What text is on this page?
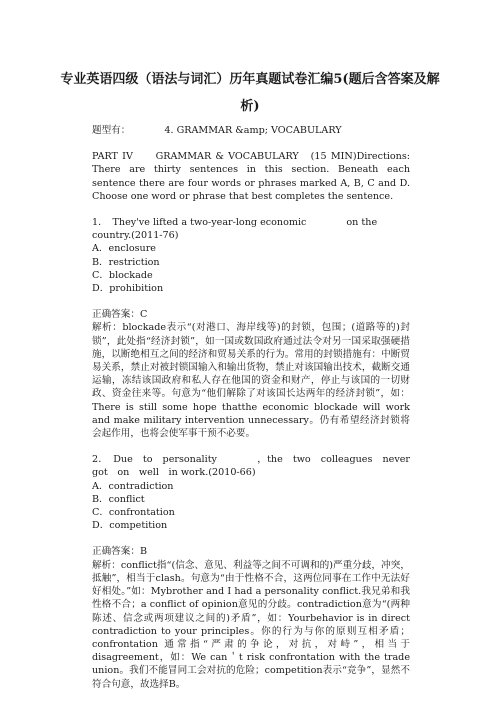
专业英语四级（语法与词汇）历年真题试卷汇编5(题后含答案及解
析)

题型有：	4. GRAMMAR &amp; VOCABULARY

PART IV　　GRAMMAR & VOCABULARY　(15 MIN)Directions: There are thirty sentences in this section. Beneath each sentence there are four words or phrases marked A, B, C and D. Choose one word or phrase that best completes the sentence.

1．　They've lifted a two-year-long economic	on the country.(2011-76)

A．enclosure

B．restriction

C．blockade

D．prohibition

正确答案：C

解析：blockade表示“(对港口、海岸线等)的封锁，包围；(道路等的)封锁”，此处指“经济封锁”，如一国或数国政府通过法令对另一国采取强硬措施，以断绝相互之间的经济和贸易关系的行为。常用的封锁措施有：中断贸易关系，禁止对被封锁国输入和输出货物，禁止对该国输出技术，截断交通运输，冻结该国政府和私人存在他国的资金和财产，停止与该国的一切财政、资金往来等。句意为“他们解除了对该国长达两年的经济封锁”，如：There is still some hope thatthe economic blockade will work and make military intervention unnecessary。仍有希望经济封锁将会起作用，也将会使军事干预不必要。

2．　Due　to　personality	，the　two　colleagues　never　got　on　well　in work.(2010-66)

A．contradiction

B．conflict

C．confrontation

D．competition

正确答案：B

解析：conflict指“(信念、意见、利益等之间不可调和的)严重分歧，冲突，抵触”，相当于clash。句意为“由于性格不合，这两位同事在工作中无法好好相处。”如：Mybrother and I had a personality conflict.我兄弟和我性格不合；a conflict of opinion意见的分歧。contradiction意为“(两种陈述、信念或两项建议之间的)矛盾”，如：Yourbehavior is in direct contradiction to your principles。你的行为与你的原则互相矛盾；confrontation 通常指“严肃的争论，对抗，对峙”，相当于disagreement，如：We can＇t risk confrontation with the trade union。我们不能冒同工会对抗的危险；competition表示“竞争”，显然不符合句意，故选择B。
